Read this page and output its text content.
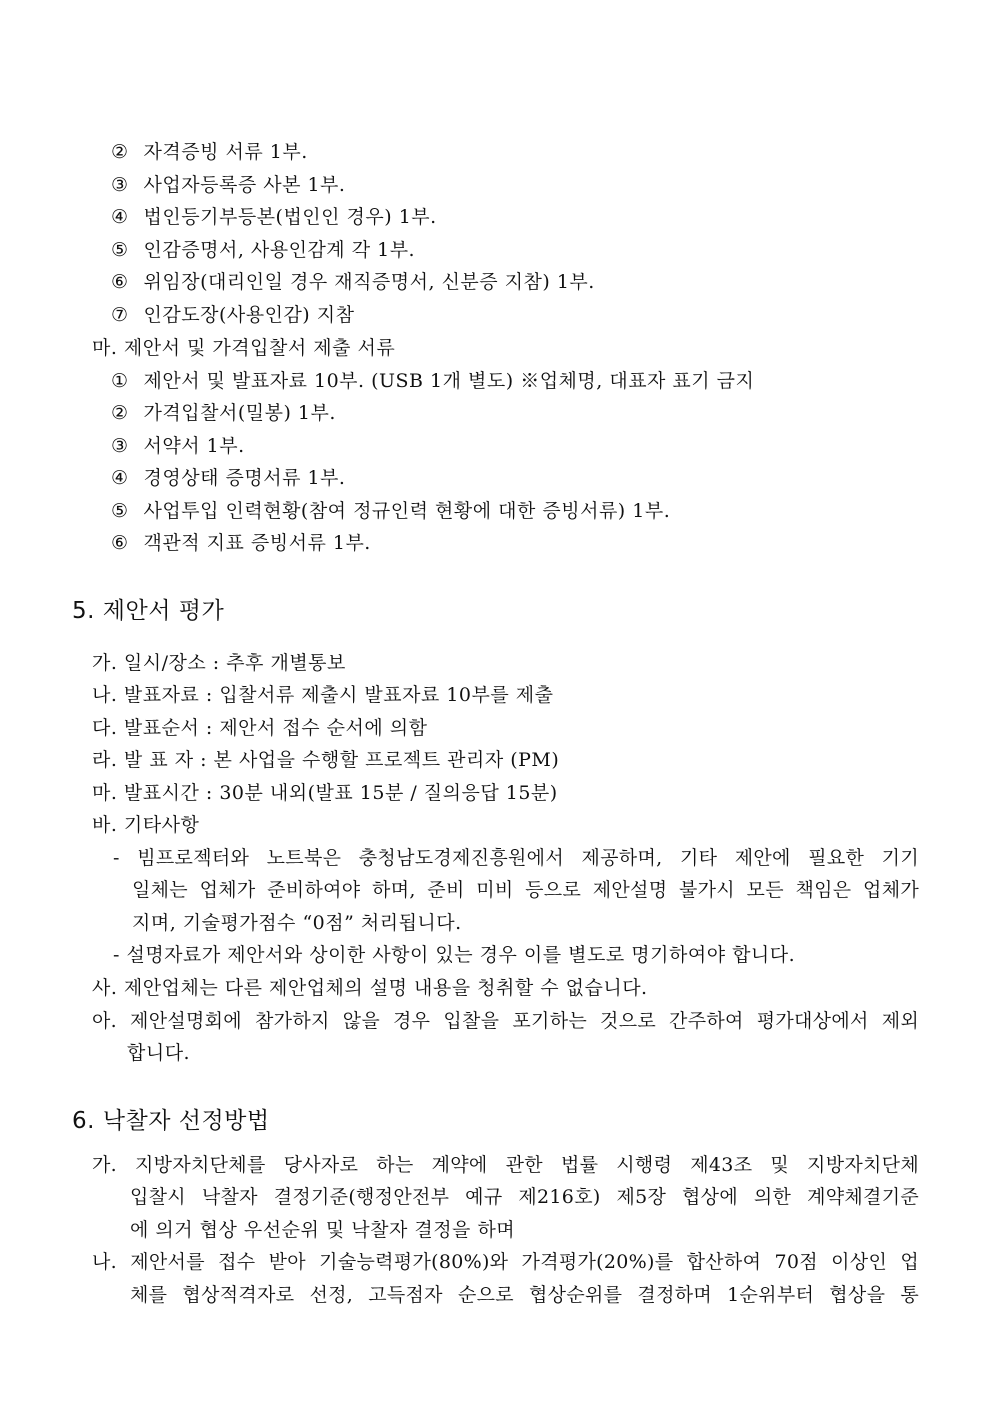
② 자격증빙 서류 1부.
③ 사업자등록증 사본 1부.
④ 법인등기부등본(법인인 경우) 1부.
⑤ 인감증명서, 사용인감계 각 1부.
⑥ 위임장(대리인일 경우 재직증명서, 신분증 지참) 1부.
⑦ 인감도장(사용인감) 지참
마. 제안서 및 가격입찰서 제출 서류
① 제안서 및 발표자료 10부. (USB 1개 별도) ※업체명, 대표자 표기 금지
② 가격입찰서(밀봉) 1부.
③ 서약서 1부.
④ 경영상태 증명서류 1부.
⑤ 사업투입 인력현황(참여 정규인력 현황에 대한 증빙서류) 1부.
⑥ 객관적 지표 증빙서류 1부.
5. 제안서 평가
가. 일시/장소 : 추후 개별통보
나. 발표자료 : 입찰서류 제출시 발표자료 10부를 제출
다. 발표순서 : 제안서 접수 순서에 의함
라. 발 표 자 : 본 사업을 수행할 프로젝트 관리자 (PM)
마. 발표시간 : 30분 내외(발표 15분 / 질의응답 15분)
바. 기타사항
- 빔프로젝터와 노트북은 충청남도경제진흥원에서 제공하며, 기타 제안에 필요한 기기
일체는 업체가 준비하여야 하며, 준비 미비 등으로 제안설명 불가시 모든 책임은 업체가
지며, 기술평가점수 “0점” 처리됩니다.
- 설명자료가 제안서와 상이한 사항이 있는 경우 이를 별도로 명기하여야 합니다.
사. 제안업체는 다른 제안업체의 설명 내용을 청취할 수 없습니다.
아. 제안설명회에 참가하지 않을 경우 입찰을 포기하는 것으로 간주하여 평가대상에서 제외
합니다.
6. 낙찰자 선정방법
가. 지방자치단체를 당사자로 하는 계약에 관한 법률 시행령 제43조 및 지방자치단체
입찰시 낙찰자 결정기준(행정안전부 예규 제216호) 제5장 협상에 의한 계약체결기준
에 의거 협상 우선순위 및 낙찰자 결정을 하며
나. 제안서를 접수 받아 기술능력평가(80%)와 가격평가(20%)를 합산하여 70점 이상인 업
체를 협상적격자로 선정, 고득점자 순으로 협상순위를 결정하며 1순위부터 협상을 통
